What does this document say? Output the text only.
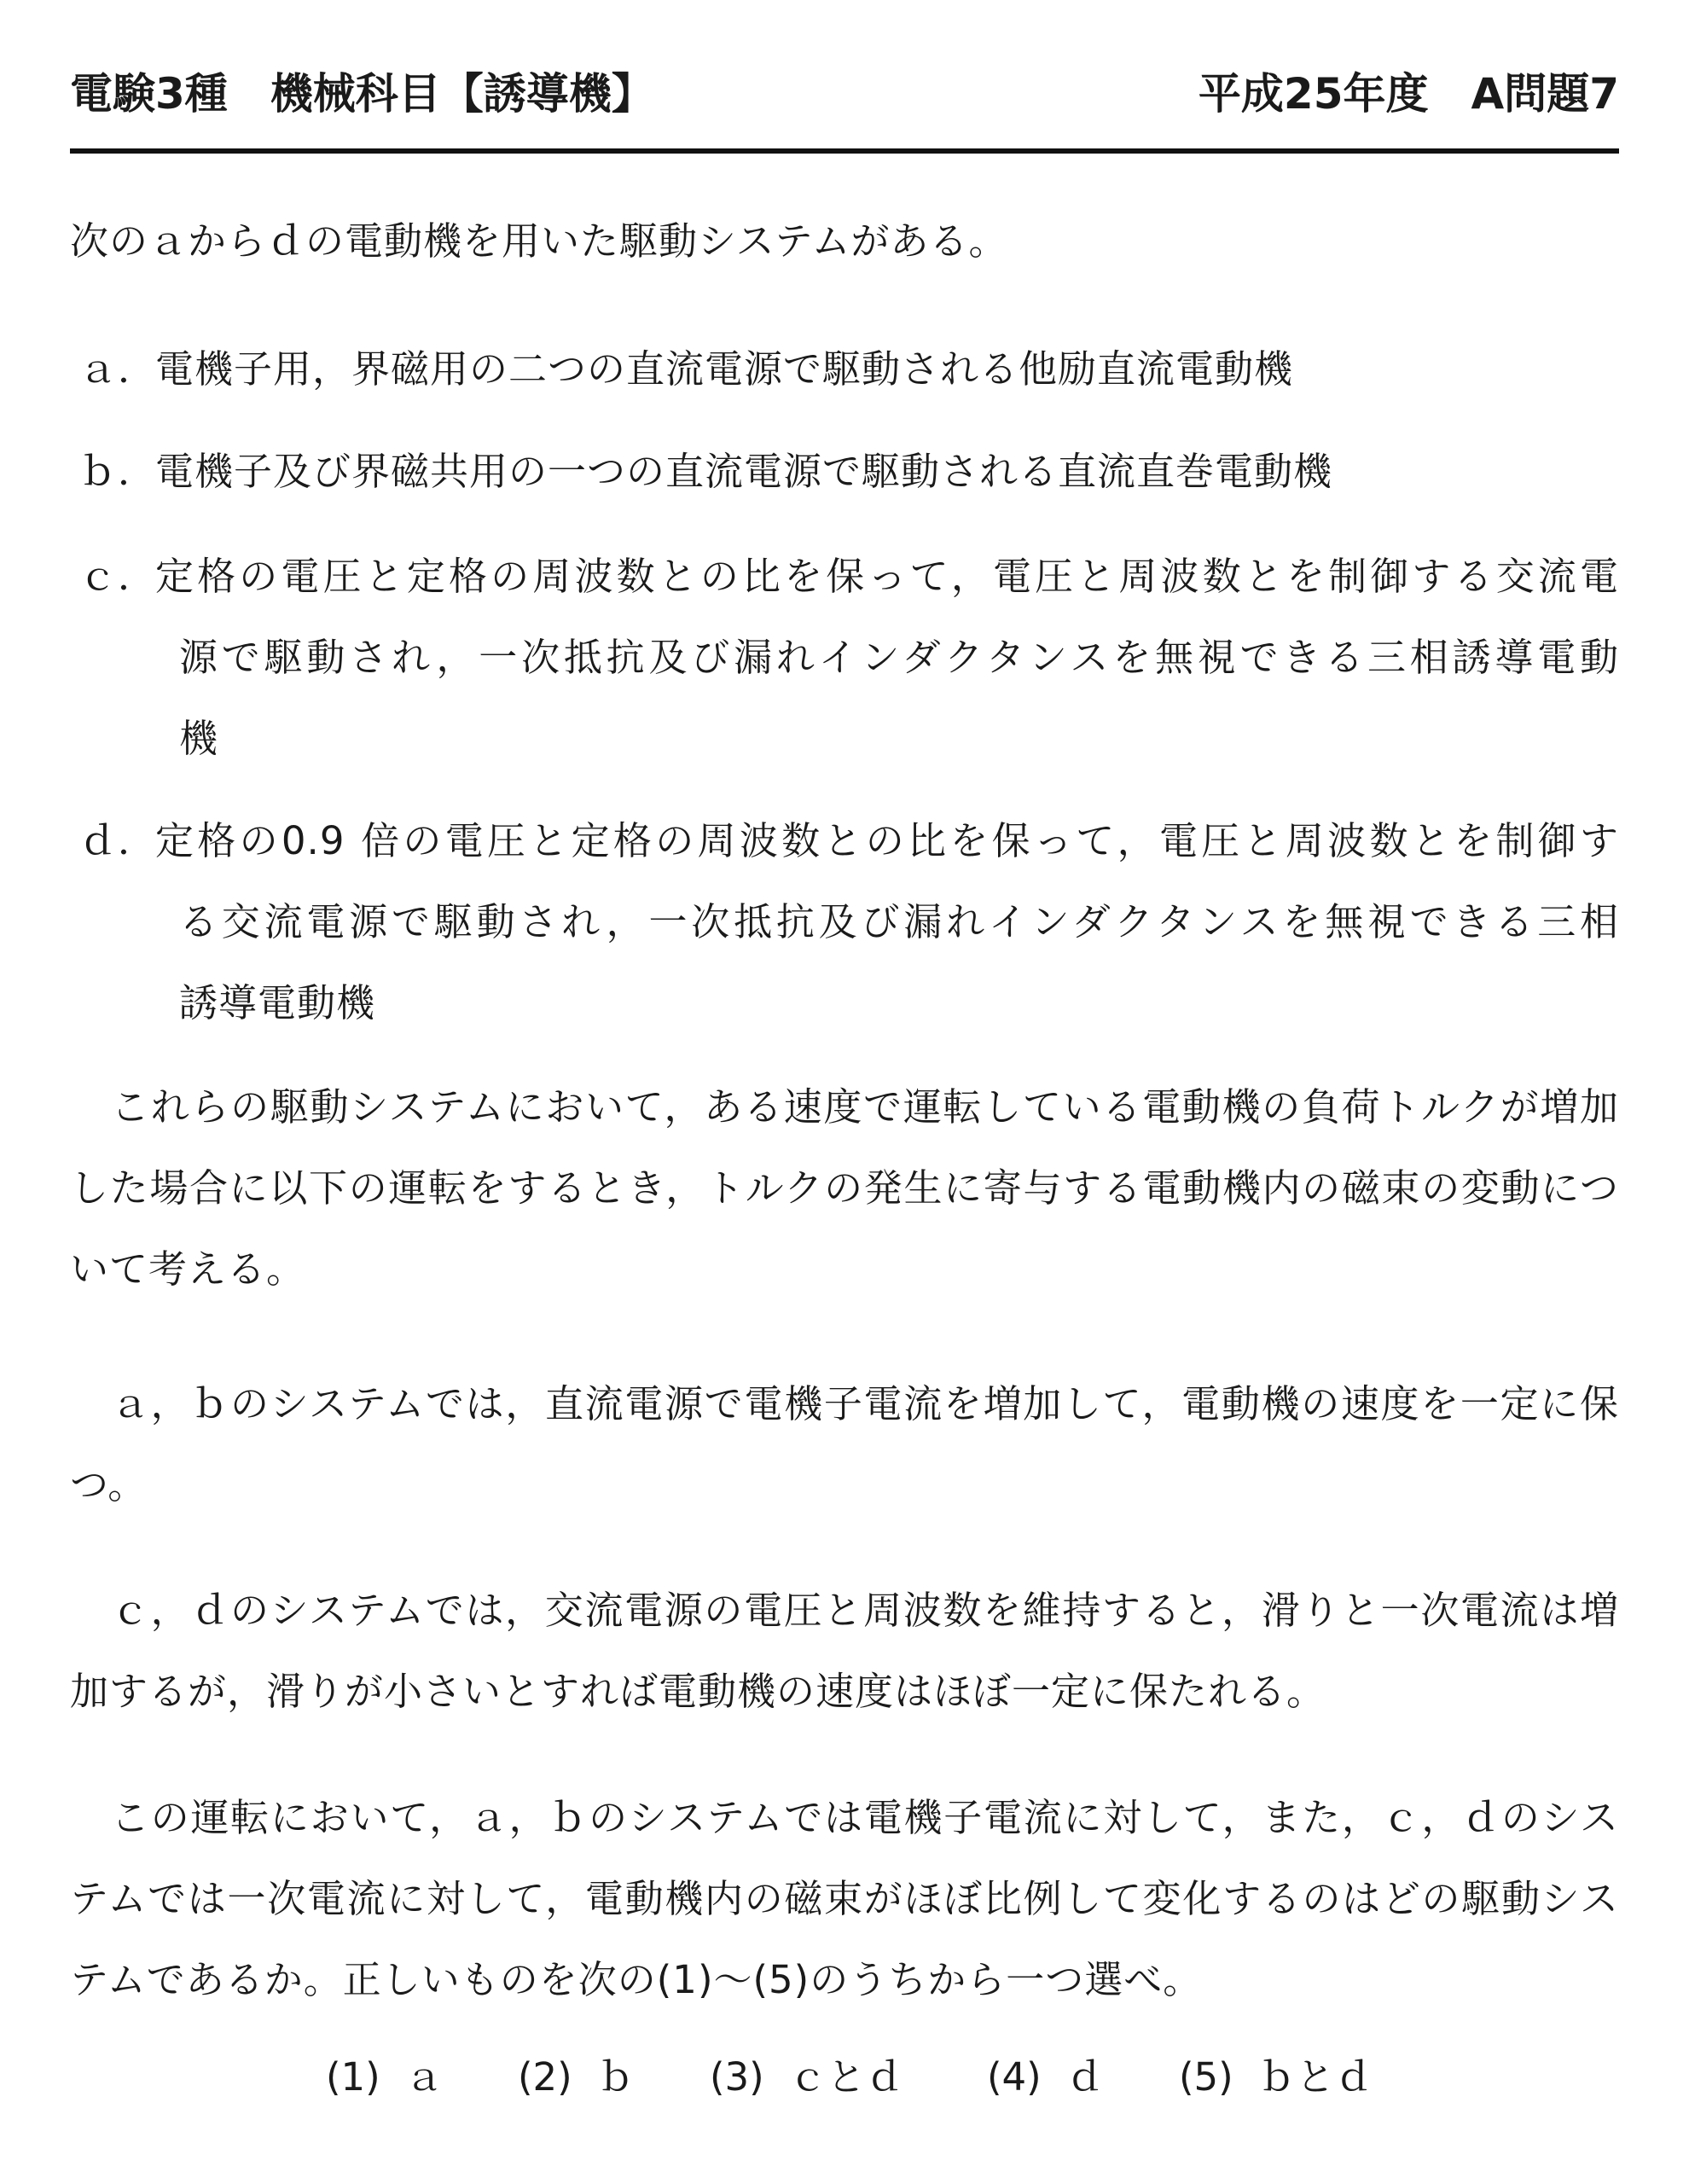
電験3種　機械科目【誘導機】	平成25年度　A問題7
次のａからｄの電動機を用いた駆動システムがある。
ａ．
電機子用，界磁用の二つの直流電源で駆動される他励直流電動機
ｂ．
電機子及び界磁共用の一つの直流電源で駆動される直流直巻電動機
ｃ．
定格の電圧と定格の周波数との比を保って，電圧と周波数とを制御する交流電
源で駆動され，一次抵抗及び漏れインダクタンスを無視できる三相誘導電動
機
ｄ．
定格の0.9 倍の電圧と定格の周波数との比を保って，電圧と周波数とを制御す
る交流電源で駆動され，一次抵抗及び漏れインダクタンスを無視できる三相
誘導電動機
これらの駆動システムにおいて，ある速度で運転している電動機の負荷トルクが増加した場合に以下の運転をするとき，トルクの発生に寄与する電動機内の磁束の変動について考える。
ａ，ｂのシステムでは，直流電源で電機子電流を増加して，電動機の速度を一定に保つ。
ｃ，ｄのシステムでは，交流電源の電圧と周波数を維持すると，滑りと一次電流は増加するが，滑りが小さいとすれば電動機の速度はほぼ一定に保たれる。
この運転において，ａ，ｂのシステムでは電機子電流に対して，また，ｃ，ｄのシステムでは一次電流に対して，電動機内の磁束がほぼ比例して変化するのはどの駆動システムであるか。正しいものを次の(1)～(5)のうちから一つ選べ。
(1)  ａ (2)  ｂ (3)  ｃとｄ (4)  ｄ (5)  ｂとｄ
